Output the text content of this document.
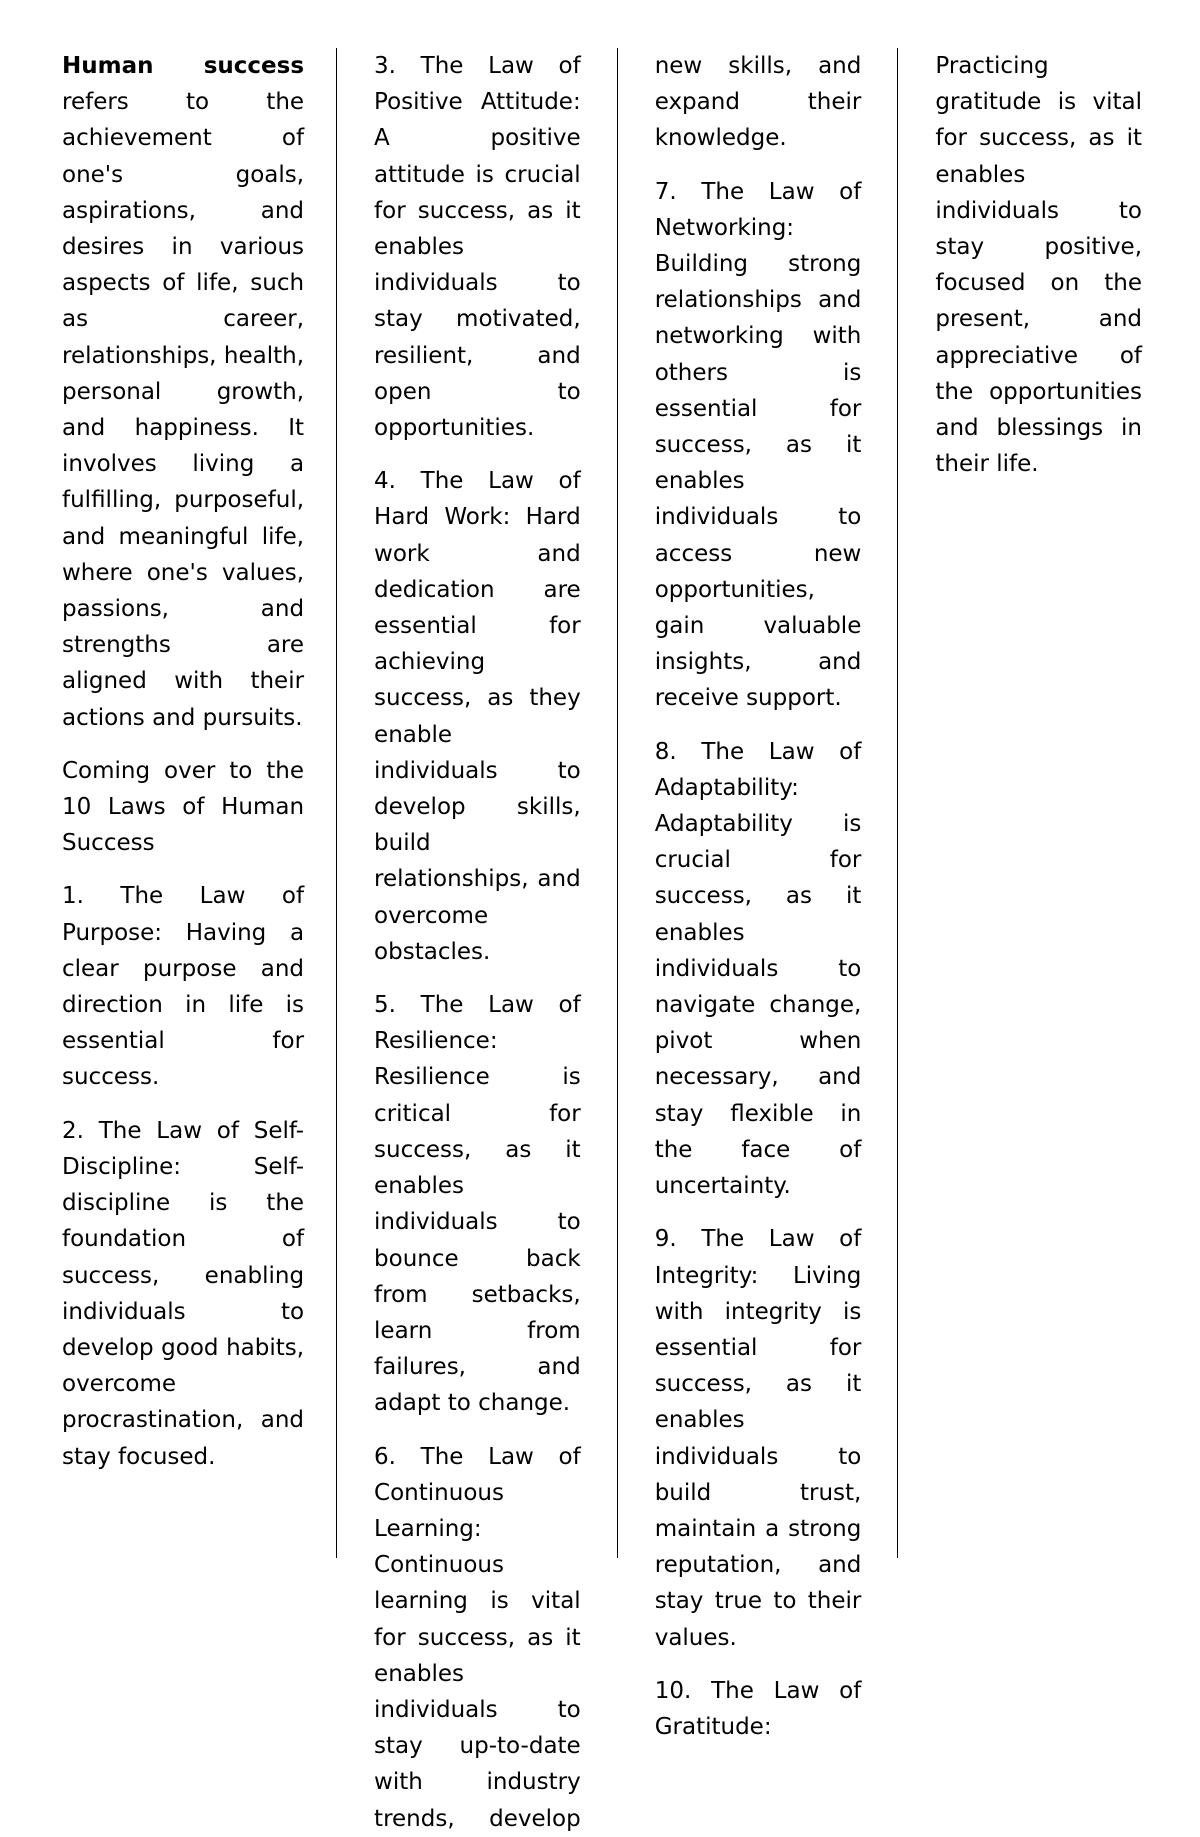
Human success refers to the achievement of one's goals, aspirations, and desires in various aspects of life, such as career, relationships, health, personal growth, and happiness. It involves living a fulfilling, purposeful, and meaningful life, where one's values, passions, and strengths are aligned with their actions and pursuits.

Coming over to the 10 Laws of Human Success

1. The Law of Purpose: Having a clear purpose and direction in life is essential for success.

2. The Law of Self-Discipline: Self-discipline is the foundation of success, enabling individuals to develop good habits, overcome procrastination, and stay focused.

3. The Law of Positive Attitude: A positive attitude is crucial for success, as it enables individuals to stay motivated, resilient, and open to opportunities.

4. The Law of Hard Work: Hard work and dedication are essential for achieving success, as they enable individuals to develop skills, build relationships, and overcome obstacles.

5. The Law of Resilience: Resilience is critical for success, as it enables individuals to bounce back from setbacks, learn from failures, and adapt to change.

6. The Law of Continuous Learning: Continuous learning is vital for success, as it enables individuals to stay up-to-date with industry trends, develop

new skills, and expand their knowledge.

7. The Law of Networking: Building strong relationships and networking with others is essential for success, as it enables individuals to access new opportunities, gain valuable insights, and receive support.

8. The Law of Adaptability: Adaptability is crucial for success, as it enables individuals to navigate change, pivot when necessary, and stay flexible in the face of uncertainty.

9. The Law of Integrity: Living with integrity is essential for success, as it enables individuals to build trust, maintain a strong reputation, and stay true to their values.

10. The Law of Gratitude:

Practicing gratitude is vital for success, as it enables individuals to stay positive, focused on the present, and appreciative of the opportunities and blessings in their life.
